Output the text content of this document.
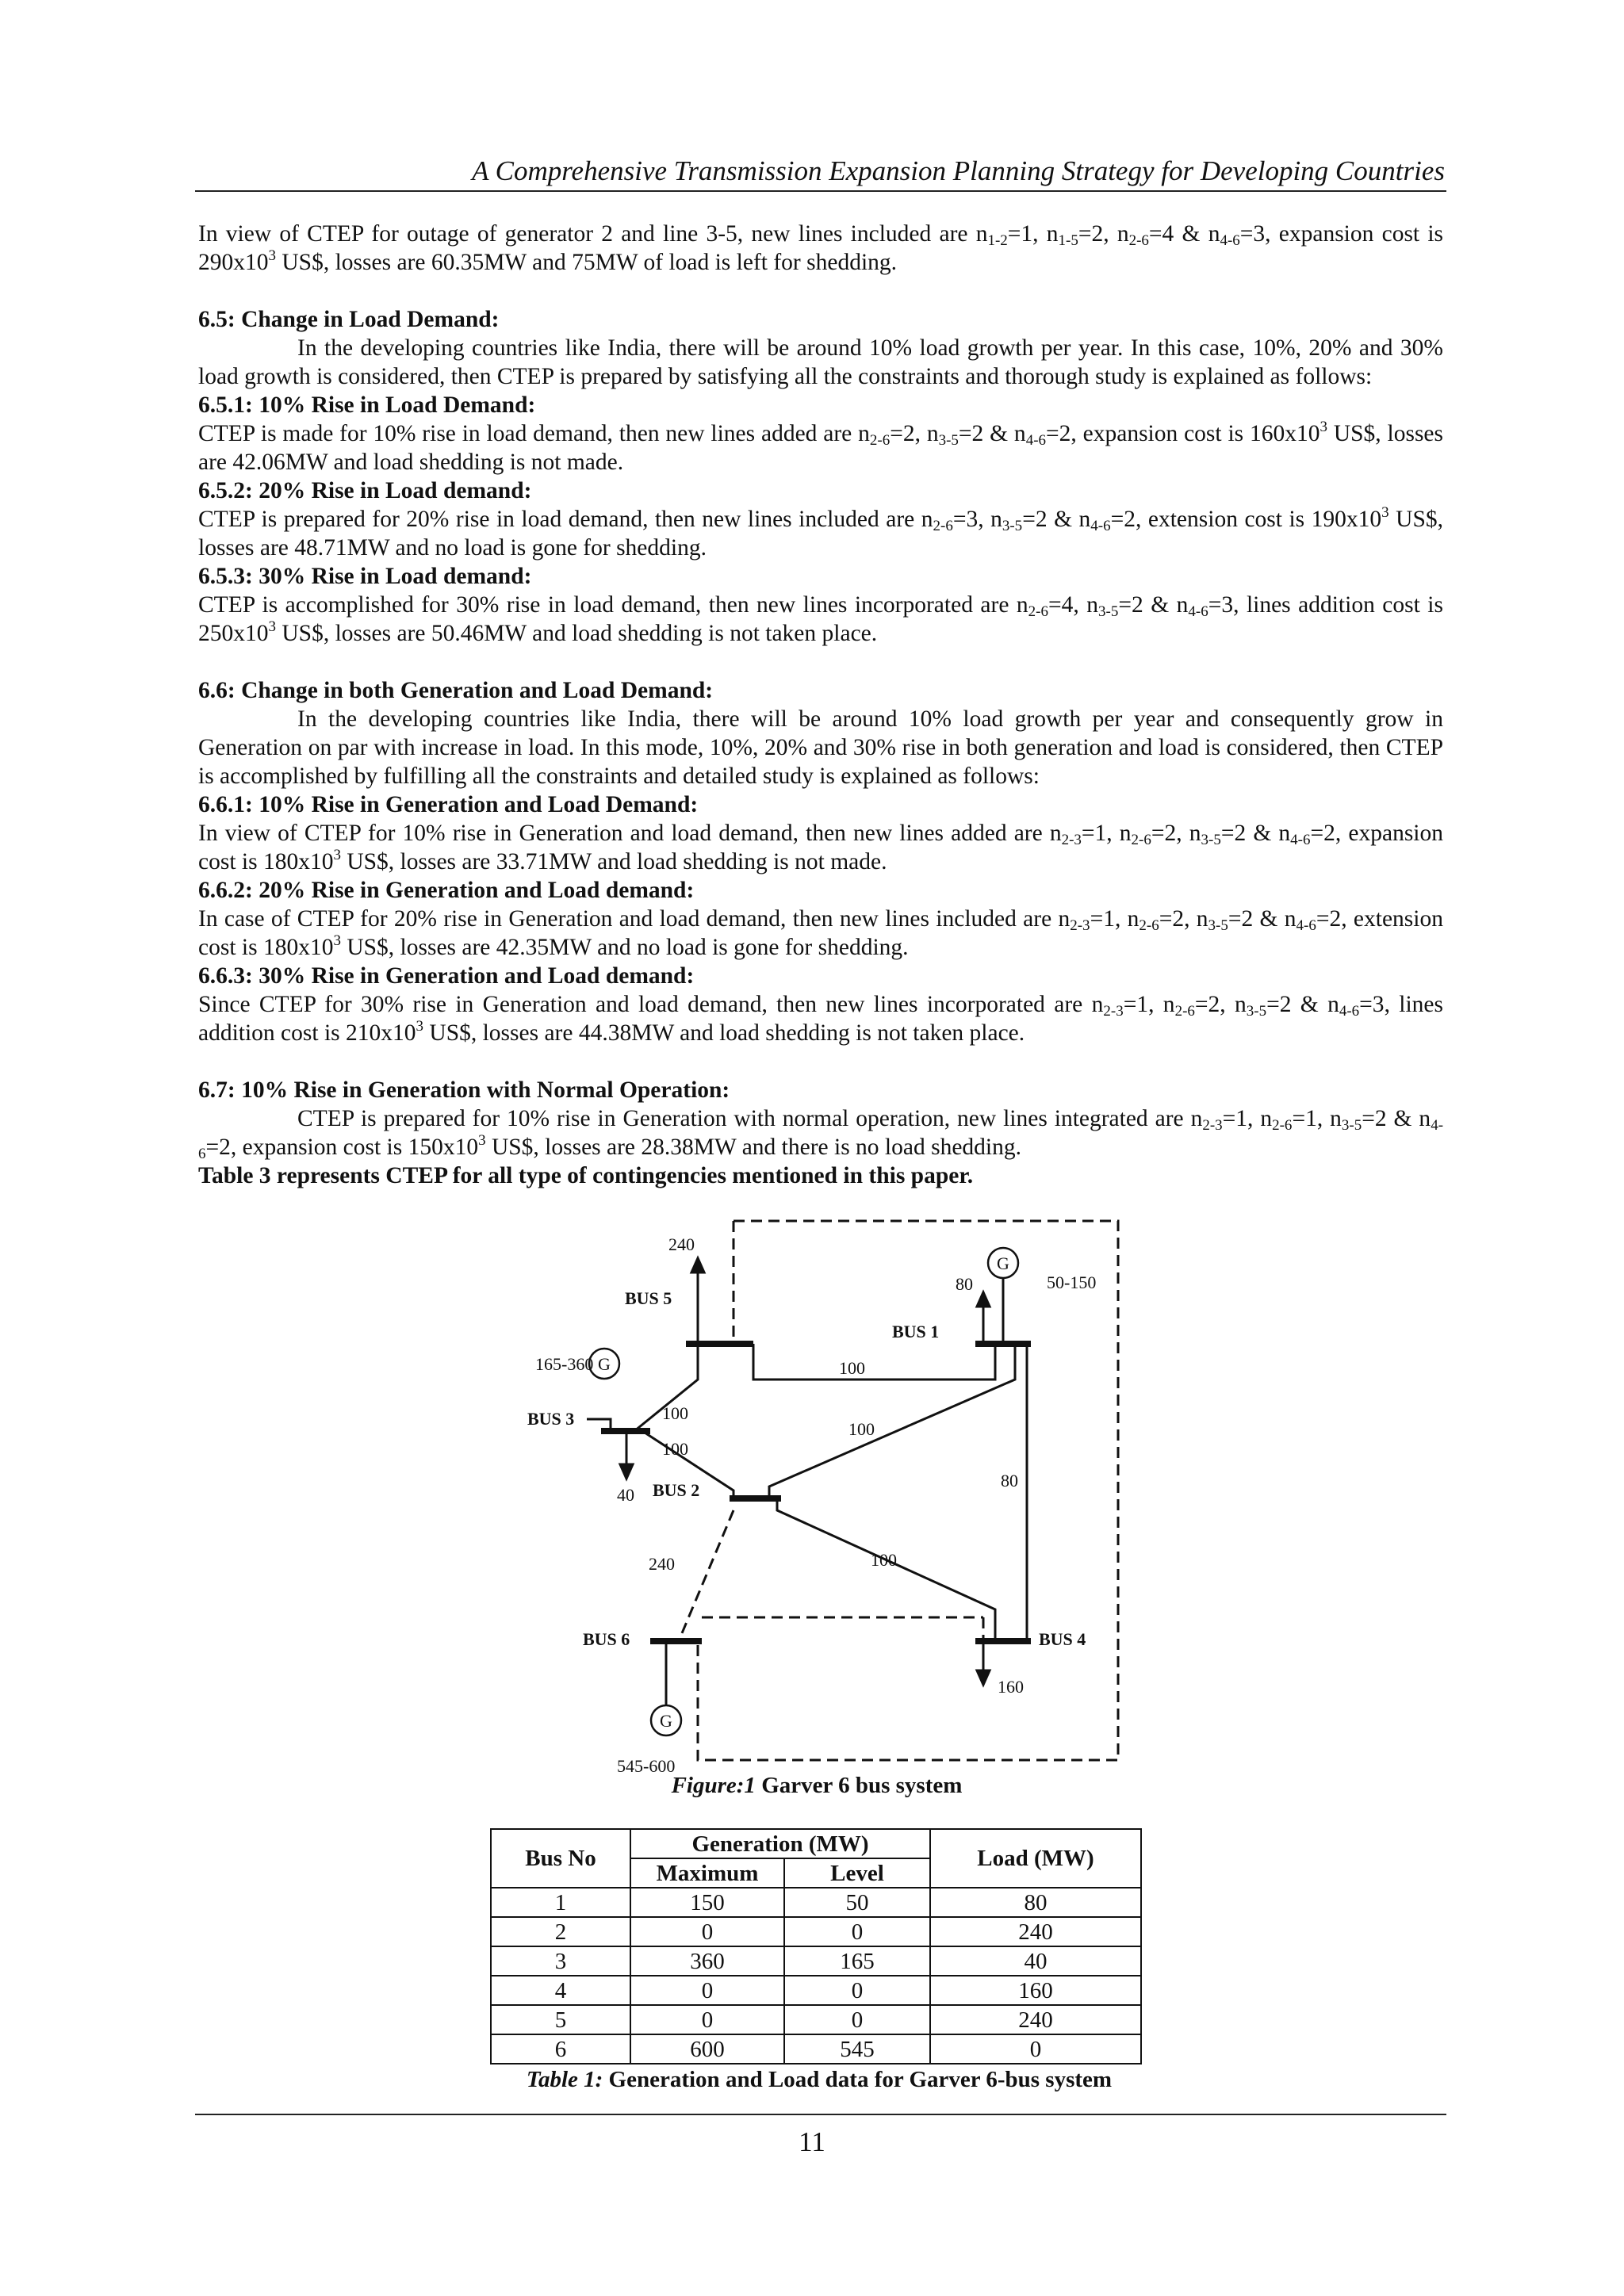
A Comprehensive Transmission Expansion Planning Strategy for Developing Countries

In view of CTEP for outage of generator 2 and line 3-5, new lines included are $n_{1-2}=1$, $n_{1-5}=2$, $n_{2-6}=4$ & $n_{4-6}=3$, expansion cost is $290x10^3$ US$, losses are 60.35MW and 75MW of load is left for shedding.

6.5: Change in Load Demand:

In the developing countries like India, there will be around 10% load growth per year. In this case, 10%, 20% and 30% load growth is considered, then CTEP is prepared by satisfying all the constraints and thorough study is explained as follows:

6.5.1: 10% Rise in Load Demand:

CTEP is made for 10% rise in load demand, then new lines added are $n_{2-6}=2$, $n_{3-5}=2$ & $n_{4-6}=2$, expansion cost is $160x10^3$ US$, losses are 42.06MW and load shedding is not made.

6.5.2: 20% Rise in Load demand:

CTEP is prepared for 20% rise in load demand, then new lines included are $n_{2-6}=3$, $n_{3-5}=2$ & $n_{4-6}=2$, extension cost is $190x10^3$ US$, losses are 48.71MW and no load is gone for shedding.

6.5.3: 30% Rise in Load demand:

CTEP is accomplished for 30% rise in load demand, then new lines incorporated are $n_{2-6}=4$, $n_{3-5}=2$ & $n_{4-6}=3$, lines addition cost is $250x10^3$ US$, losses are 50.46MW and load shedding is not taken place.

6.6: Change in both Generation and Load Demand:

In the developing countries like India, there will be around 10% load growth per year and consequently grow in Generation on par with increase in load. In this mode, 10%, 20% and 30% rise in both generation and load is considered, then CTEP is accomplished by fulfilling all the constraints and detailed study is explained as follows:

6.6.1: 10% Rise in Generation and Load Demand:

In view of CTEP for 10% rise in Generation and load demand, then new lines added are $n_{2-3}=1$, $n_{2-6}=2$, $n_{3-5}=2$ & $n_{4-6}=2$, expansion cost is $180x10^3$ US$, losses are 33.71MW and load shedding is not made.

6.6.2: 20% Rise in Generation and Load demand:

In case of CTEP for 20% rise in Generation and load demand, then new lines included are $n_{2-3}=1$, $n_{2-6}=2$, $n_{3-5}=2$ & $n_{4-6}=2$, extension cost is $180x10^3$ US$, losses are 42.35MW and no load is gone for shedding.

6.6.3: 30% Rise in Generation and Load demand:

Since CTEP for 30% rise in Generation and load demand, then new lines incorporated are $n_{2-3}=1$, $n_{2-6}=2$, $n_{3-5}=2$ & $n_{4-6}=3$, lines addition cost is $210x10^3$ US$, losses are 44.38MW and load shedding is not taken place.

6.7: 10% Rise in Generation with Normal Operation:

CTEP is prepared for 10% rise in Generation with normal operation, new lines integrated are $n_{2-3}=1$, $n_{2-6}=1$, $n_{3-5}=2$ & $n_{4-6}=2$, expansion cost is $150x10^3$ US$, losses are 28.38MW and there is no load shedding.

Table 3 represents CTEP for all type of contingencies mentioned in this paper.

G
G
G
BUS 1
BUS 5
BUS 3
BUS 2
BUS 6	BUS 4
50-150
165-360
545-600
80
240
40
160
100
100
100
100
100
80
240
Figure:1 Garver 6 bus system
Bus No	Generation (MW)		Load (MW)
	Maximum	Level	
1	150	50	80
2	0	0	240
3	360	165	40
4	0	0	160
5	0	0	240
6	600	545	0
Table 1: Generation and Load data for Garver 6-bus system
11
